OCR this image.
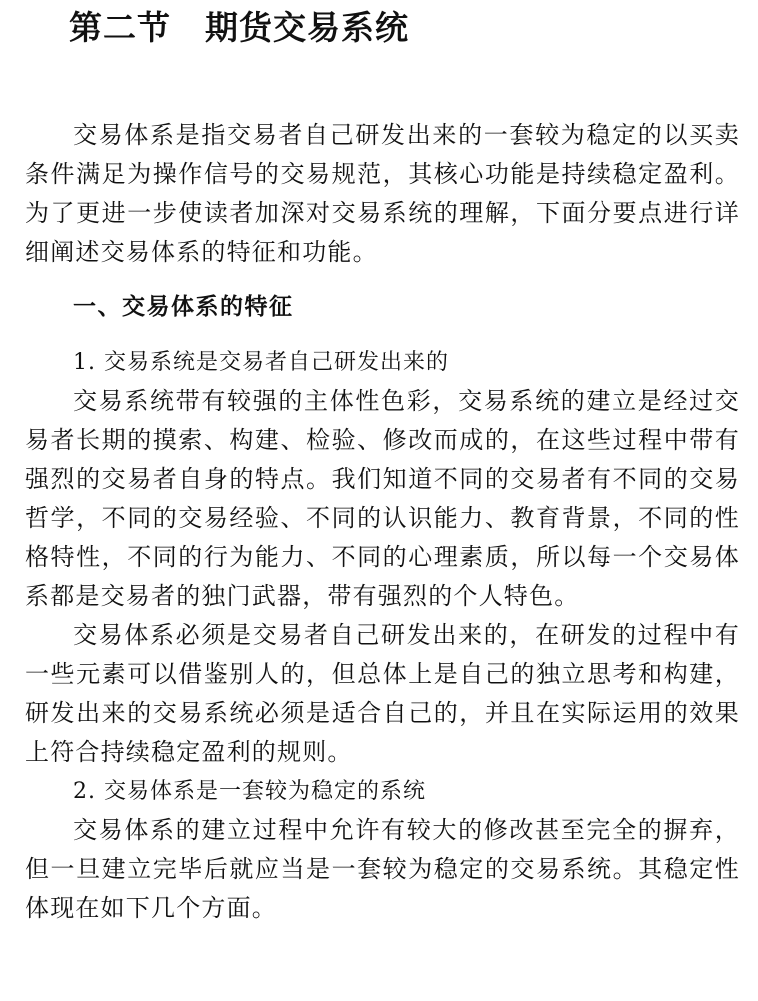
第二节　期货交易系统

交易体系是指交易者自己研发出来的一套较为稳定的以买卖条件满足为操作信号的交易规范，其核心功能是持续稳定盈利。为了更进一步使读者加深对交易系统的理解，下面分要点进行详细阐述交易体系的特征和功能。

一、交易体系的特征

1. 交易系统是交易者自己研发出来的

交易系统带有较强的主体性色彩，交易系统的建立是经过交易者长期的摸索、构建、检验、修改而成的，在这些过程中带有强烈的交易者自身的特点。我们知道不同的交易者有不同的交易哲学，不同的交易经验、不同的认识能力、教育背景，不同的性格特性，不同的行为能力、不同的心理素质，所以每一个交易体系都是交易者的独门武器，带有强烈的个人特色。

交易体系必须是交易者自己研发出来的，在研发的过程中有一些元素可以借鉴别人的，但总体上是自己的独立思考和构建，研发出来的交易系统必须是适合自己的，并且在实际运用的效果上符合持续稳定盈利的规则。

2. 交易体系是一套较为稳定的系统

交易体系的建立过程中允许有较大的修改甚至完全的摒弃，但一旦建立完毕后就应当是一套较为稳定的交易系统。其稳定性体现在如下几个方面。
